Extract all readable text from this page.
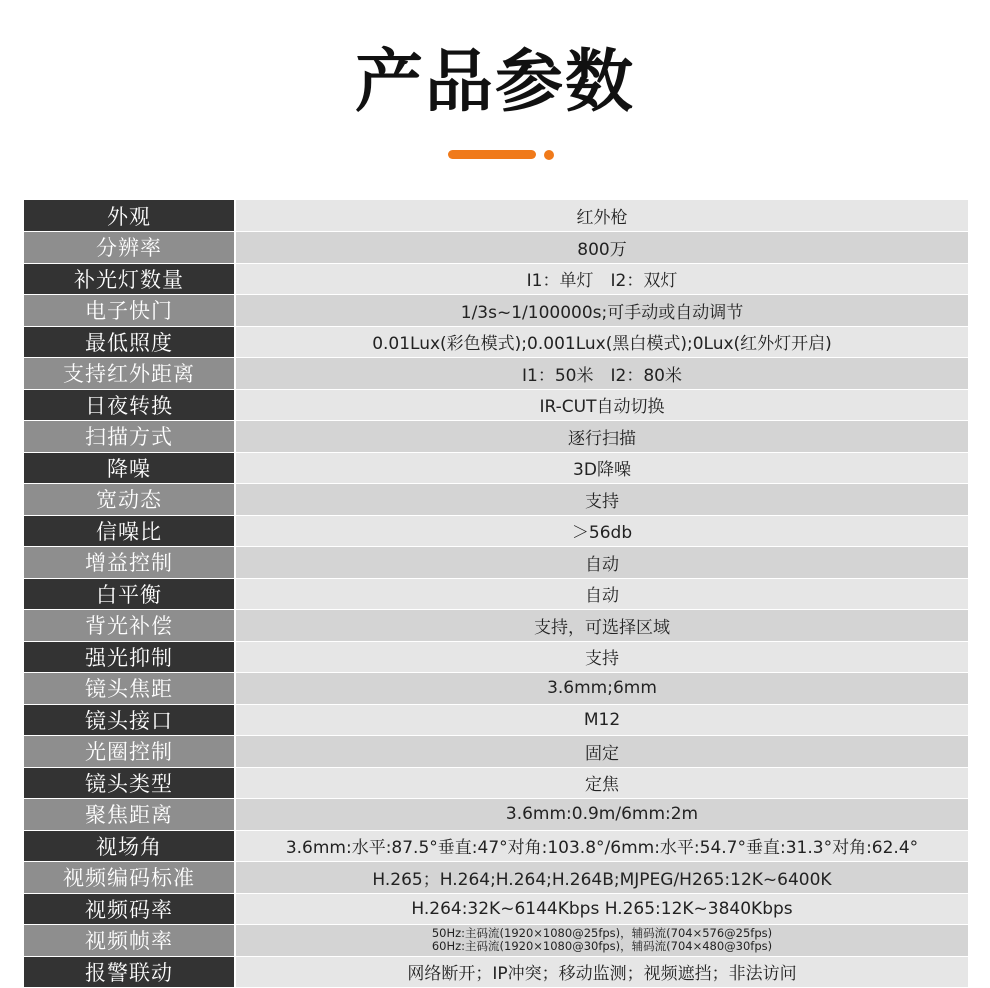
产品参数
外观	红外枪
分辨率	800万
补光灯数量	I1：单灯　I2：双灯
电子快门	1/3s~1/100000s;可手动或自动调节
最低照度	0.01Lux(彩色模式);0.001Lux(黑白模式);0Lux(红外灯开启)
支持红外距离	I1：50米　I2：80米
日夜转换	IR-CUT自动切换
扫描方式	逐行扫描
降噪	3D降噪
宽动态	支持
信噪比	＞56db
增益控制	自动
白平衡	自动
背光补偿	支持，可选择区域
强光抑制	支持
镜头焦距	3.6mm;6mm
镜头接口	M12
光圈控制	固定
镜头类型	定焦
聚焦距离	3.6mm:0.9m/6mm:2m
视场角	3.6mm:水平:87.5°垂直:47°对角:103.8°/6mm:水平:54.7°垂直:31.3°对角:62.4°
视频编码标准	H.265；H.264;H.264;H.264B;MJPEG/H265:12K~6400K
视频码率	H.264:32K~6144Kbps H.265:12K~3840Kbps
视频帧率	50Hz:主码流(1920×1080@25fps)，辅码流(704×576@25fps)
60Hz:主码流(1920×1080@30fps)，辅码流(704×480@30fps)

报警联动	网络断开；IP冲突；移动监测；视频遮挡；非法访问
